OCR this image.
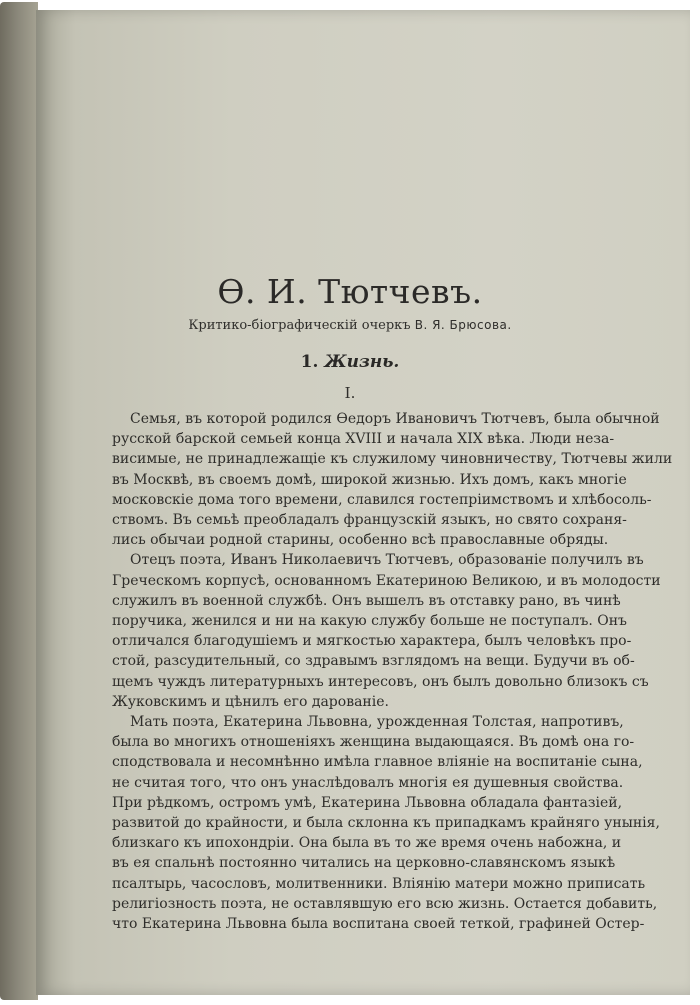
Ѳ. И. Тютчевъ.
Критико-біографическій очеркъ В. Я. Брюсова.
1. Жизнь.
I.
Семья, въ которой родился Ѳедоръ Ивановичъ Тютчевъ, была обычной
русской барской семьей конца XVIII и начала XIX вѣка. Люди неза-
висимые, не принадлежащіе къ служилому чиновничеству, Тютчевы жили
въ Москвѣ, въ своемъ домѣ, широкой жизнью. Ихъ домъ, какъ многіе
московскіе дома того времени, славился гостепріимствомъ и хлѣбосоль-
ствомъ. Въ семьѣ преобладалъ французскій языкъ, но свято сохраня-
лись обычаи родной старины, особенно всѣ православные обряды.
Отецъ поэта, Иванъ Николаевичъ Тютчевъ, образованіе получилъ въ
Греческомъ корпусѣ, основанномъ Екатериною Великою, и въ молодости
служилъ въ военной службѣ. Онъ вышелъ въ отставку рано, въ чинѣ
поручика, женился и ни на какую службу больше не поступалъ. Онъ
отличался благодушіемъ и мягкостью характера, былъ человѣкъ про-
стой, разсудительный, со здравымъ взглядомъ на вещи. Будучи въ об-
щемъ чуждъ литературныхъ интересовъ, онъ былъ довольно близокъ съ
Жуковскимъ и цѣнилъ его дарованіе.
Мать поэта, Екатерина Львовна, урожденная Толстая, напротивъ,
была во многихъ отношеніяхъ женщина выдающаяся. Въ домѣ она го-
сподствовала и несомнѣнно имѣла главное вліяніе на воспитаніе сына,
не считая того, что онъ унаслѣдовалъ многія ея душевныя свойства.
При рѣдкомъ, остромъ умѣ, Екатерина Львовна обладала фантазіей,
развитой до крайности, и была склонна къ припадкамъ крайняго унынія,
близкаго къ ипохондріи. Она была въ то же время очень набожна, и
въ ея спальнѣ постоянно читались на церковно-славянскомъ языкѣ
псалтырь, часословъ, молитвенники. Вліянію матери можно приписать
религіозность поэта, не оставлявшую его всю жизнь. Остается добавить,
что Екатерина Львовна была воспитана своей теткой, графиней Остер-
